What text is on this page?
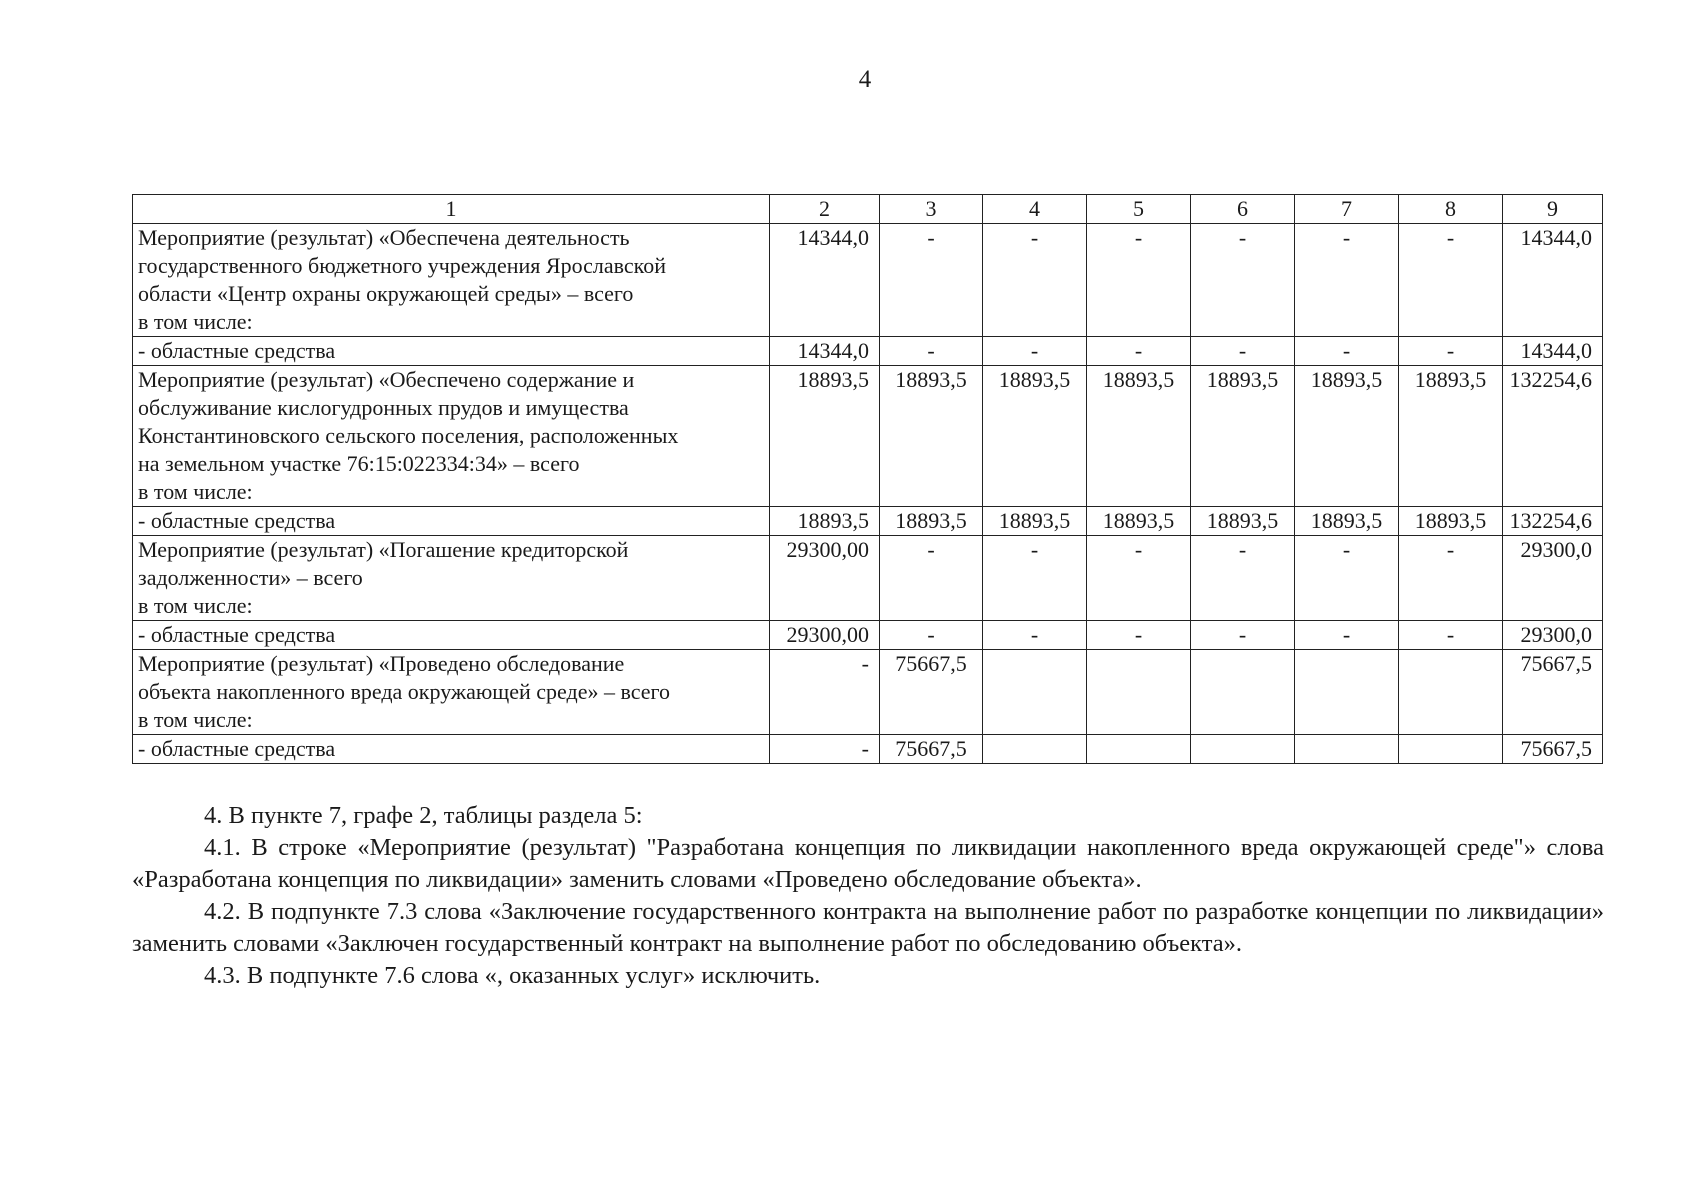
4
1	2	3	4	5	6	7	8	9
Мероприятие (результат) «Обеспечена деятельность
государственного бюджетного учреждения Ярославской
области «Центр охраны окружающей среды» – всего
в том числе:	14344,0	-	-	-	-	-	-	14344,0
- областные средства	14344,0	-	-	-	-	-	-	14344,0
Мероприятие (результат) «Обеспечено содержание и
обслуживание кислогудронных прудов и имущества
Константиновского сельского поселения, расположенных
на земельном участке 76:15:022334:34» – всего
в том числе:	18893,5	18893,5	18893,5	18893,5	18893,5	18893,5	18893,5	132254,6
- областные средства	18893,5	18893,5	18893,5	18893,5	18893,5	18893,5	18893,5	132254,6
Мероприятие (результат) «Погашение кредиторской
задолженности» – всего
в том числе:	29300,00	-	-	-	-	-	-	29300,0
- областные средства	29300,00	-	-	-	-	-	-	29300,0
Мероприятие (результат) «Проведено обследование
объекта накопленного вреда окружающей среде» – всего
в том числе:	-	75667,5						75667,5
- областные средства	-	75667,5						75667,5

4. В пункте 7, графе 2, таблицы раздела 5:

4.1. В строке «Мероприятие (результат) "Разработана концепция по ликвидации накопленного вреда окружающей среде"» слова «Разработана концепция по ликвидации» заменить словами «Проведено обследование объекта».

4.2. В подпункте 7.3 слова «Заключение государственного контракта на выполнение работ по разработке концепции по ликвидации» заменить словами «Заключен государственный контракт на выполнение работ по обследованию объекта».

4.3. В подпункте 7.6 слова «, оказанных услуг» исключить.
